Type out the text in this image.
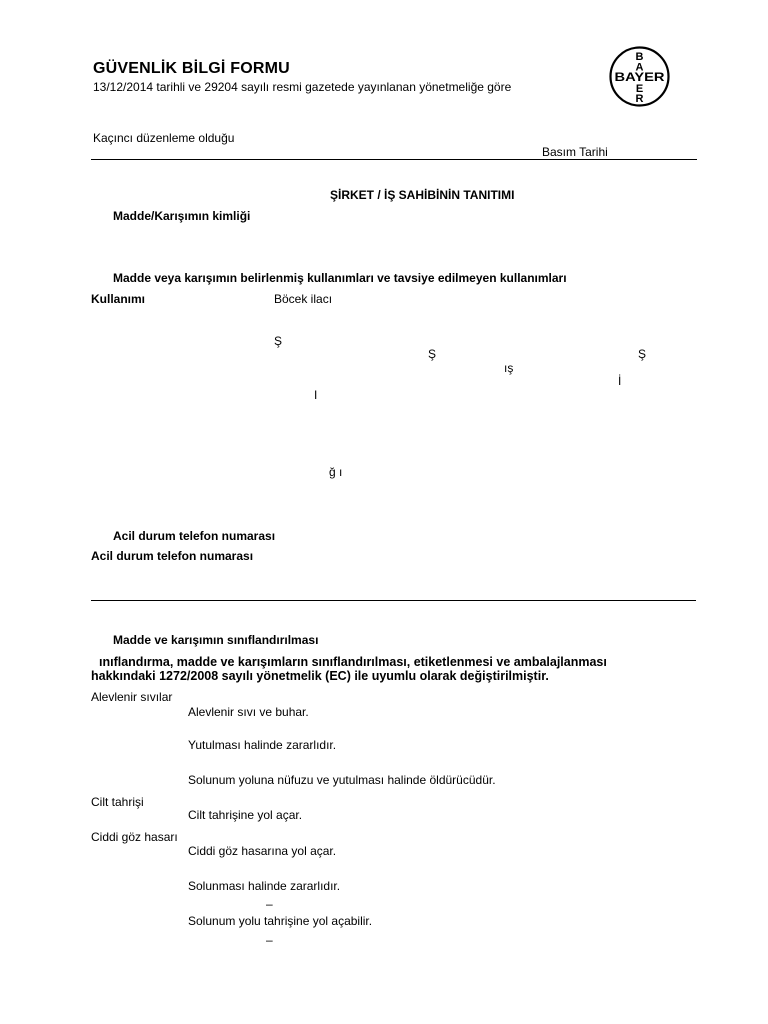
GÜVENLİK BİLGİ FORMU
13/12/2014 tarihli ve 29204 sayılı resmi gazetede yayınlanan yönetmeliğe göre
B
A
E
R
BAYER
Kaçıncı düzenleme olduğu
Basım Tarihi
ŞİRKET / İŞ SAHİBİNİN TANITIMI
Madde/Karışımın kimliği
Madde veya karışımın belirlenmiş kullanımları ve tavsiye edilmeyen kullanımları
Kullanımı	Böcek ilacı
Ş
Ş	Ş
ış
İ
I
ğ ı
Acil durum telefon numarası
Acil durum telefon numarası
Madde ve karışımın sınıflandırılması
ınıflandırma, madde ve karışımların sınıflandırılması, etiketlenmesi ve ambalajlanması
hakkındaki 1272/2008 sayılı yönetmelik (EC) ile uyumlu olarak değiştirilmiştir.
Alevlenir sıvılar
Alevlenir sıvı ve buhar.
Yutulması halinde zararlıdır.
Solunum yoluna nüfuzu ve yutulması halinde öldürücüdür.
Cilt tahrişi
Cilt tahrişine yol açar.
Ciddi göz hasarı
Ciddi göz hasarına yol açar.
Solunması halinde zararlıdır.
–
Solunum yolu tahrişine yol açabilir.
–
